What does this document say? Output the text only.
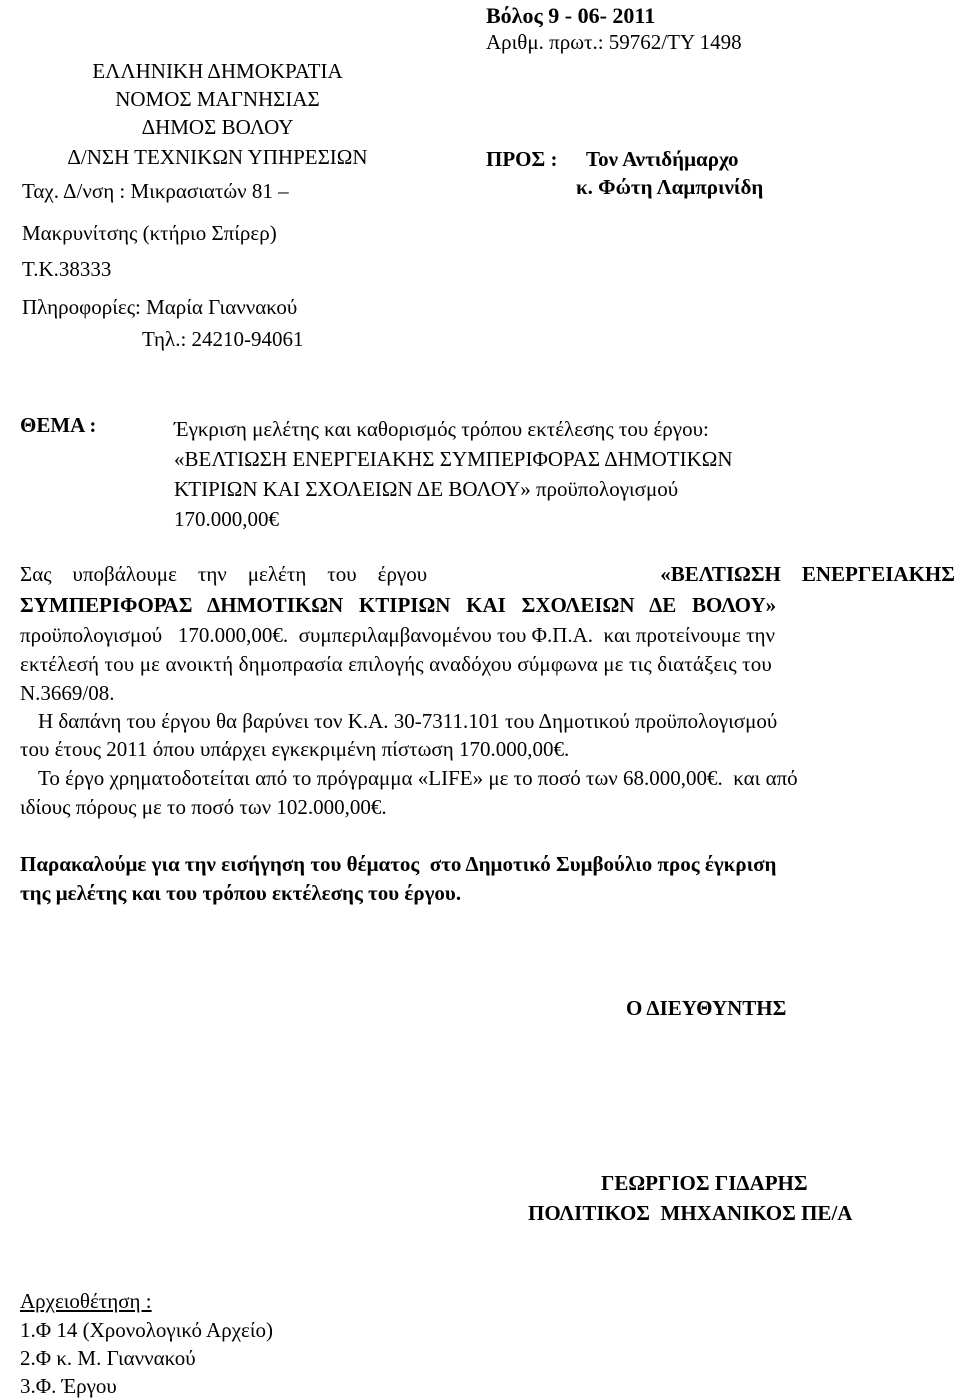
ΕΛΛΗΝΙΚΗ ΔΗΜΟΚΡΑΤΙΑ
ΝΟΜΟΣ ΜΑΓΝΗΣΙΑΣ
ΔΗΜΟΣ ΒΟΛΟΥ
Δ/ΝΣΗ ΤΕΧΝΙΚΩΝ ΥΠΗΡΕΣΙΩΝ
Ταχ. Δ/νση : Μικρασιατών 81 –
Μακρυνίτσης (κτήριο Σπίρερ)
Τ.Κ.38333
Πληροφορίες: Μαρία Γιαννακού
Τηλ.: 24210-94061
Βόλος 9 - 06- 2011
Αριθμ. πρωτ.: 59762/ΤΥ 1498
ΠΡΟΣ : Τον Αντιδήμαρχο
κ. Φώτη Λαμπρινίδη
ΘΕΜΑ :	Έγκριση μελέτης και καθορισμός τρόπου εκτέλεσης του έργου:
«ΒΕΛΤΙΩΣΗ ΕΝΕΡΓΕΙΑΚΗΣ ΣΥΜΠΕΡΙΦΟΡΑΣ ΔΗΜΟΤΙΚΩΝ
ΚΤΙΡΙΩΝ ΚΑΙ ΣΧΟΛΕΙΩΝ ΔΕ ΒΟΛΟΥ» προϋπολογισμού
170.000,00€
Σας    υποβάλουμε    την    μελέτη    του    έργου	«ΒΕΛΤΙΩΣΗ    ΕΝΕΡΓΕΙΑΚΗΣ
ΣΥΜΠΕΡΙΦΟΡΑΣ   ΔΗΜΟΤΙΚΩΝ   ΚΤΙΡΙΩΝ   ΚΑΙ   ΣΧΟΛΕΙΩΝ   ΔΕ   ΒΟΛΟΥ»
προϋπολογισμού   170.000,00€.  συμπεριλαμβανομένου του Φ.Π.Α.  και προτείνουμε την
εκτέλεσή του με ανοικτή δημοπρασία επιλογής αναδόχου σύμφωνα με τις διατάξεις του
Ν.3669/08.
Η δαπάνη του έργου θα βαρύνει τον Κ.Α. 30-7311.101 του Δημοτικού προϋπολογισμού
του έτους 2011 όπου υπάρχει εγκεκριμένη πίστωση 170.000,00€.
Το έργο χρηματοδοτείται από το πρόγραμμα «LIFE» με το ποσό των 68.000,00€.  και από
ιδίους πόρους με το ποσό των 102.000,00€.
Παρακαλούμε για την εισήγηση του θέματος  στο Δημοτικό Συμβούλιο προς έγκριση
της μελέτης και του τρόπου εκτέλεσης του έργου.
Ο ΔΙΕΥΘΥΝΤΗΣ
ΓΕΩΡΓΙΟΣ ΓΙΔΑΡΗΣ
ΠΟΛΙΤΙΚΟΣ  ΜΗΧΑΝΙΚΟΣ ΠΕ/Α
Αρχειοθέτηση :
1.Φ 14 (Χρονολογικό Αρχείο)
2.Φ κ. Μ. Γιαννακού
3.Φ. Έργου
